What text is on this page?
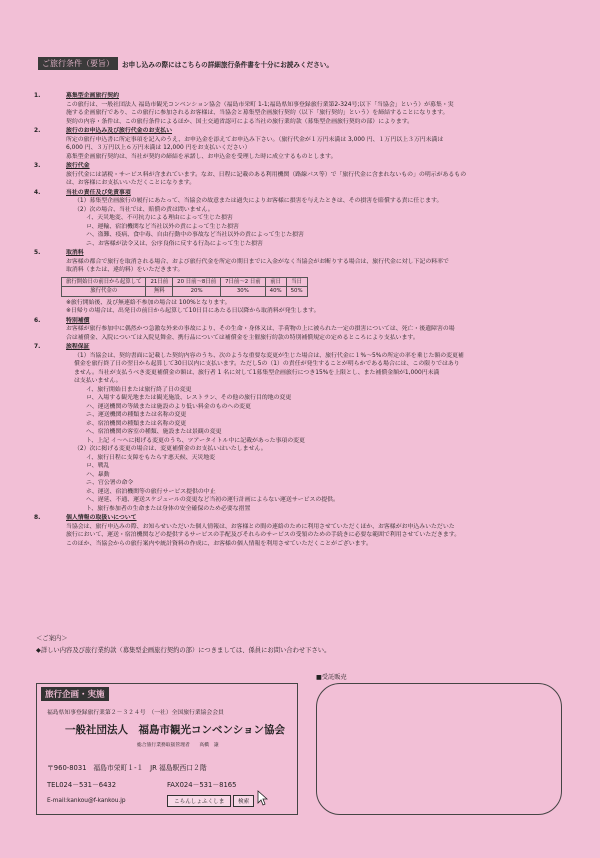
ご旅行条件（要旨）	お申し込みの際にはこちらの詳細旅行条件書を十分にお読みください。
1.	募集型企画旅行契約
この旅行は、一般社団法人 福島市観光コンベンション協会（福島市栄町 1-1;福島県知事登録旅行業第2-324号;以下「当協会」という）が募集・実
施する企画旅行であり、この旅行に参加されるお客様は、当協会と募集型企画旅行契約（以下「旅行契約」という）を締結することになります。
契約の内容・条件は、この旅行条件によるほか、国土交通省認可による当社の旅行業約款（募集型企画旅行契約の部）によります。
2.	旅行のお申込み及び旅行代金のお支払い
所定の旅行申込書に所定事項を記入のうえ、お申込金を添えてお申込み下さい。（旅行代金が１万円未満は 3,000 円、１万円以上３万円未満は
6,000 円、３万円以上６万円未満は 12,000 円をお支払いください）
募集型企画旅行契約は、当社が契約の締結を承諾し、お申込金を受理した時に成立するものとします。
3.	旅行代金
旅行代金には諸税・サービス料が含まれています。なお、日程に記載のある利用機関（路線バス等）で「旅行代金に含まれないもの」の明示があるもの
は、お客様にお支払いいただくことになります。
4.	当社の責任及び免責事項
（1）募集型企画旅行の履行にあたって、当協会の故意または過失によりお客様に損害を与えたときは、その損害を賠償する責に任じます。
（2）次の場合、当社では、賠償の責は問いません。
イ、天災地変、不可抗力による理由によって生じた損害
ロ、運輸、宿泊機関など当社以外の責によって生じた損害
ハ、盗難、疫病、食中毒、自由行動中の事故など当社以外の責によって生じた損害
ニ、お客様が法令又は、公序良俗に反する行為によって生じた損害
5.	取消料
お客様の都合で旅行を取消される場合、および旅行代金を所定の期日までに入金がなく当協会がお断りする場合は、旅行代金に対し下記の料率で
取消料（または、違約料）をいただきます。
旅行開始日の前日から起算して	21日前	20 日前～8日前	7日前～2 日前	前日	当日
旅行代金の	無料	20%	30%	40%	50%
※旅行開始後、及び無連絡不参加の場合は 100%となります。
※日帰りの場合は、出発日の前日から起算して10日目にあたる日以降から取消料が発生します。
6.	特別補償
お客様が旅行参加中に偶然かつ急激な外来の事故により、その生命・身体又は、手荷物の上に被られた一定の損害については、死亡・後遺障害の場
合は補償金、入院については入院見舞金、携行品については補償金を主催旅行約款の特別補償規定の定めるところにより支払います。
7.	旅程保証
（1）当協会は、契約書面に記載した契約内容のうち、次のような重要な変更が生じた場合は、旅行代金に１%～5%の所定の率を乗じた額の変更補
償金を旅行終了日の翌日から起算して30日以内に支払います。ただし5の（1）の責任が発生することが明らかである場合には、この限りではあり
ません。当社が支払うべき変更補償金の額は、旅行者 1 名に対して1募集型企画旅行につき15%を上限とし、また補償金額が1,000円未満
は支払いません。
イ、旅行開始日または旅行終了日の変更
ロ、入場する観光地または観光施設、レストラン、その他の旅行目的地の変更
ハ、運送機関の等級または施設のより低い料金のものへの変更
ニ、運送機関の種類または名称の変更
ホ、宿泊機関の種類または名称の変更
へ、宿泊機関の客室の種類、施設または景観の変更
ト、上記 イ～へに掲げる変更のうち、ツアータイトル中に記載があった事項の変更
（2）次に掲げる変更の場合は、変更補償金のお支払いはいたしません。
イ、旅行日程に支障をもたらす悪天候、天災地変
ロ、戦乱
ハ、暴動
ニ、官公署の命令
ホ、運送、宿泊機関等の旅行サービス提供の中止
へ、遅延、不通、運送スケジュールの変更など当初の運行計画によらない運送サービスの提供。
ト、旅行参加者の生命または身体の安全確保のため必要な措置
8.	個人情報の取扱いについて
当協会は、旅行申込みの際、お知らせいただいた個人情報は、お客様との間の連絡のために利用させていただくほか、お客様がお申込みいただいた
旅行において、運送・宿泊機関などの提供するサービスの手配及びそれらのサービスの受領のための手続きに必要な範囲で利用させていただきます。
このほか、当協会からの旅行案内や統計資料の作成に、お客様の個人情報を利用させていただくことがございます。
＜ご案内＞
◆詳しい内容及び旅行業約款（募集型企画旅行契約の部）につきましては、係員にお問い合わせ下さい。
旅行企画・実施
福島県知事登録旅行業第２－３２４号　（一社）全国旅行業協会会員
一般社団法人　福島市観光コンベンション協会
総合旅行業務取扱管理者　　高橋　譲
〒960-8031　福島市栄町１-１　JR 福島駅西口２階
TEL024－531－6432	FAX024－531－8165
E-mail:kankou@f-kankou.jp	こらんしょふくしま	検索
■受託販売
